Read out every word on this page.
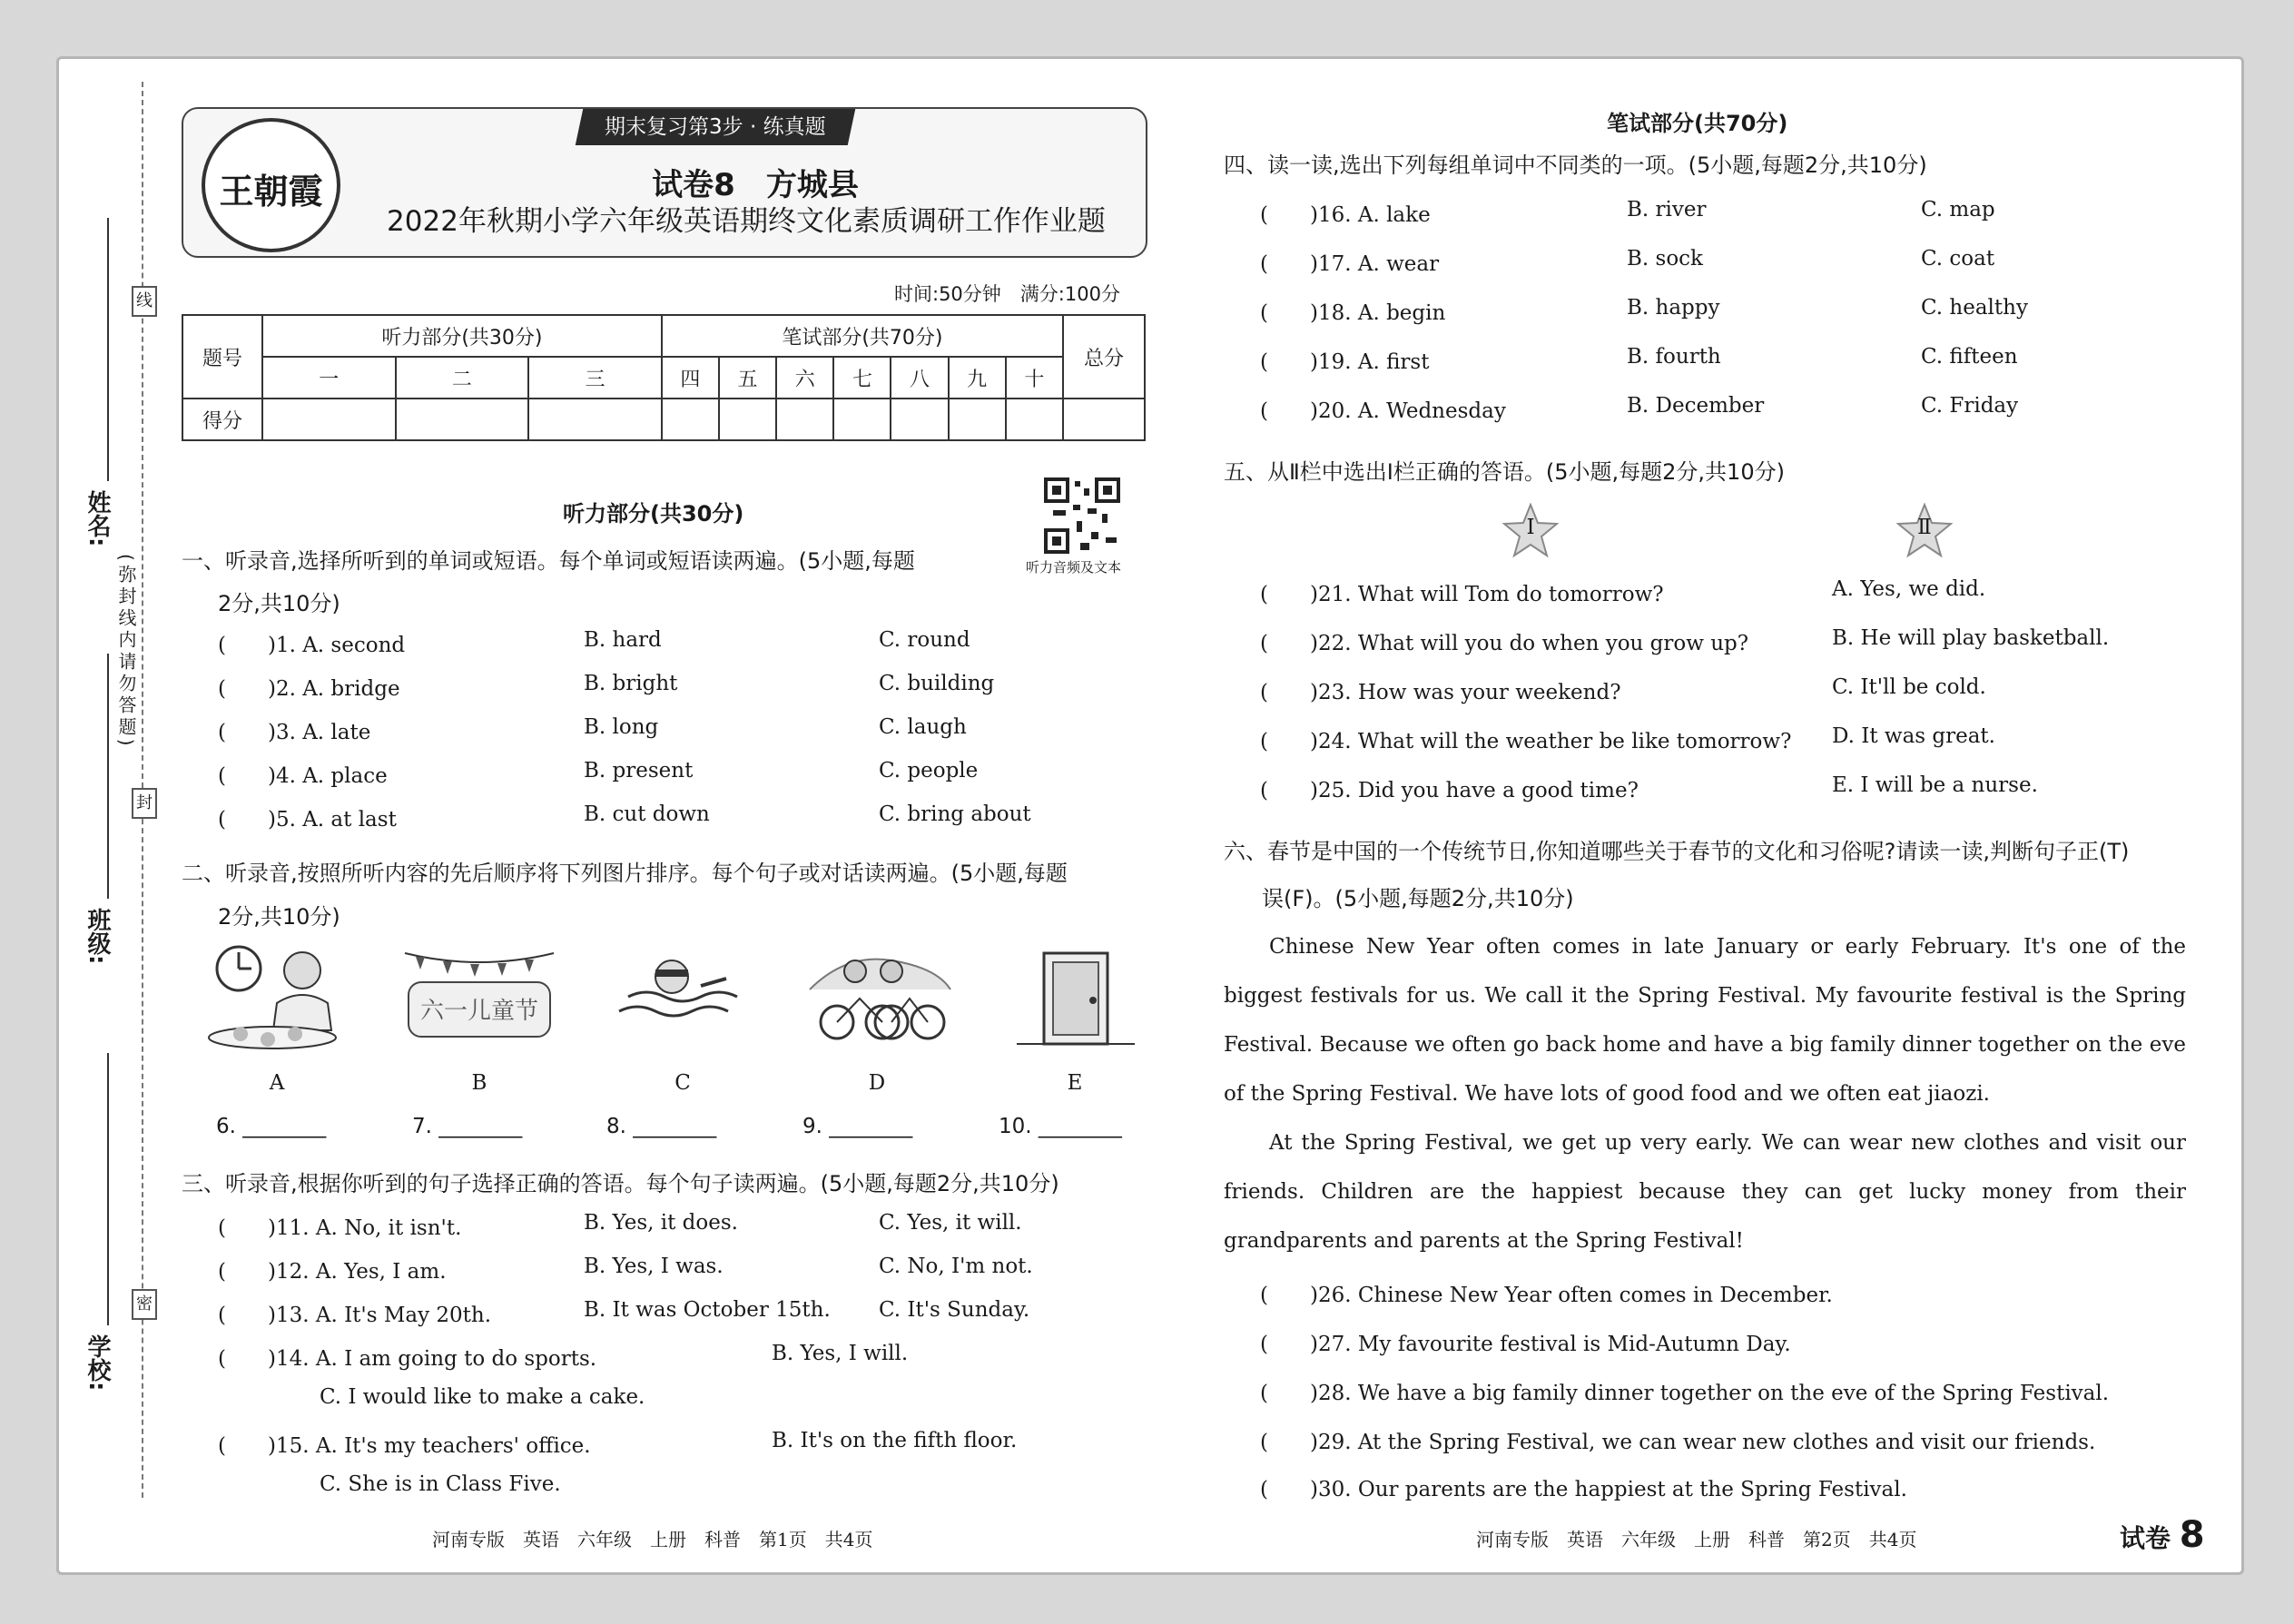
线
封
密
姓名:
班级:
学校:
(弥封线内请勿答题)
王朝霞
期末复习第3步 · 练真题
试卷8　方城县
2022年秋期小学六年级英语期终文化素质调研工作作业题
时间:50分钟　满分:100分
题号	听力部分(共30分)			笔试部分(共70分)							总分
	一	二	三	四	五	六	七	八	九	十	
得分											
听力部分(共30分)
听力音频及文本
一、听录音,选择所听到的单词或短语。每个单词或短语读两遍。(5小题,每题
2分,共10分)
(　　)1. A. second	B. hard	C. round
(　　)2. A. bridge	B. bright	C. building
(　　)3. A. late	B. long	C. laugh
(　　)4. A. place	B. present	C. people
(　　)5. A. at last	B. cut down	C. bring about
二、听录音,按照所听内容的先后顺序将下列图片排序。每个句子或对话读两遍。(5小题,每题
2分,共10分)
六一儿童节
A	B	C	D	E
6. ________	7. ________	8. ________	9. ________	10. ________
三、听录音,根据你听到的句子选择正确的答语。每个句子读两遍。(5小题,每题2分,共10分)
(　　)11. A. No, it isn't.	B. Yes, it does.	C. Yes, it will.
(　　)12. A. Yes, I am.	B. Yes, I was.	C. No, I'm not.
(　　)13. A. It's May 20th.	B. It was October 15th. C. It's Sunday.
(　　)14. A. I am going to do sports.	B. Yes, I will.
C. I would like to make a cake.
(　　)15. A. It's my teachers' office.	B. It's on the fifth floor.
C. She is in Class Five.
河南专版　英语　六年级　上册　科普　第1页　共4页
笔试部分(共70分)
四、读一读,选出下列每组单词中不同类的一项。(5小题,每题2分,共10分)
(　　)16. A. lake	B. river	C. map
(　　)17. A. wear	B. sock	C. coat
(　　)18. A. begin	B. happy	C. healthy
(　　)19. A. first	B. fourth	C. fifteen
(　　)20. A. Wednesday	B. December	C. Friday
五、从Ⅱ栏中选出Ⅰ栏正确的答语。(5小题,每题2分,共10分)
Ⅰ	Ⅱ
(　　)21. What will Tom do tomorrow?	A. Yes, we did.
(　　)22. What will you do when you grow up?	B. He will play basketball.
(　　)23. How was your weekend?	C. It'll be cold.
(　　)24. What will the weather be like tomorrow? D. It was great.
(　　)25. Did you have a good time?	E. I will be a nurse.
六、春节是中国的一个传统节日,你知道哪些关于春节的文化和习俗呢?请读一读,判断句子正(T)
误(F)。(5小题,每题2分,共10分)
Chinese New Year often comes in late January or early February. It's one of the biggest festivals for us. We call it the Spring Festival. My favourite festival is the Spring Festival. Because we often go back home and have a big family dinner together on the eve of the Spring Festival. We have lots of good food and we often eat jiaozi.
At the Spring Festival, we get up very early. We can wear new clothes and visit our friends. Children are the happiest because they can get lucky money from their grandparents and parents at the Spring Festival!
(　　)26. Chinese New Year often comes in December.
(　　)27. My favourite festival is Mid-Autumn Day.
(　　)28. We have a big family dinner together on the eve of the Spring Festival.
(　　)29. At the Spring Festival, we can wear new clothes and visit our friends.
(　　)30. Our parents are the happiest at the Spring Festival.
河南专版　英语　六年级　上册　科普　第2页　共4页	试卷 8
